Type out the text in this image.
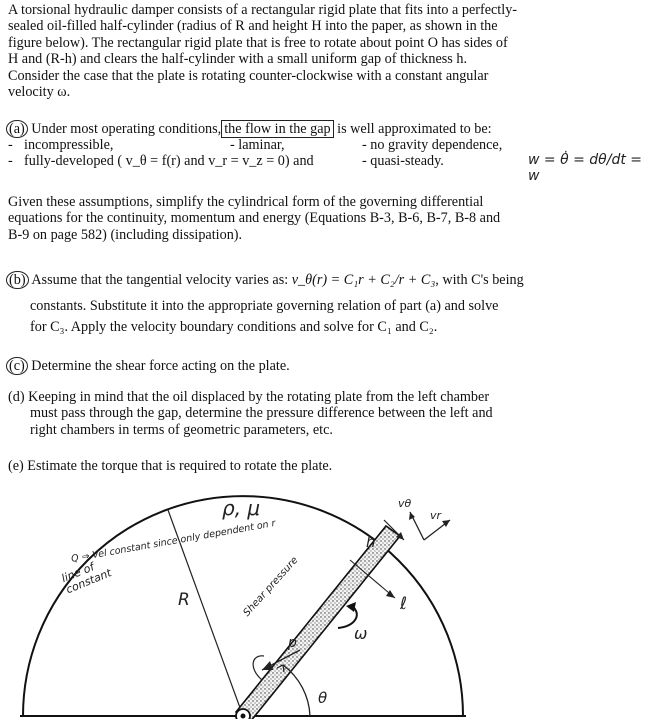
A torsional hydraulic damper consists of a rectangular rigid plate that fits into a perfectly-
sealed oil-filled half-cylinder (radius of R and height H into the paper, as shown in the
figure below). The rectangular rigid plate that is free to rotate about point O has sides of
H and (R-h) and clears the half-cylinder with a small uniform gap of thickness h.
Consider the case that the plate is rotating counter-clockwise with a constant angular
velocity ω.
(a) Under most operating conditions, the flow in the gap is well approximated to be:
- incompressible,	- laminar,	- no gravity dependence,
- fully-developed ( v_θ = f(r) and v_r = v_z = 0) and	- quasi-steady.	w = θ̇ = dθ/dt = w
Given these assumptions, simplify the cylindrical form of the governing differential
equations for the continuity, momentum and energy (Equations B-3, B-6, B-7, B-8 and
B-9 on page 582) (including dissipation).
(b) Assume that the tangential velocity varies as: v_θ(r) = C₁r + C₂/r + C₃, with C's being
constants. Substitute it into the appropriate governing relation of part (a) and solve
for C₃. Apply the velocity boundary conditions and solve for C₁ and C₂.
(c) Determine the shear force acting on the plate.
(d) Keeping in mind that the oil displaced by the rotating plate from the left chamber
must pass through the gap, determine the pressure difference between the left and
right chambers in terms of geometric parameters, etc.
(e) Estimate the torque that is required to rotate the plate.
ρ, μ
R
h
θ
ω
p
ℓ
vθ
vr
line of constant
Q ⇒ Vel constant since only dependent on r
Shear pressure
